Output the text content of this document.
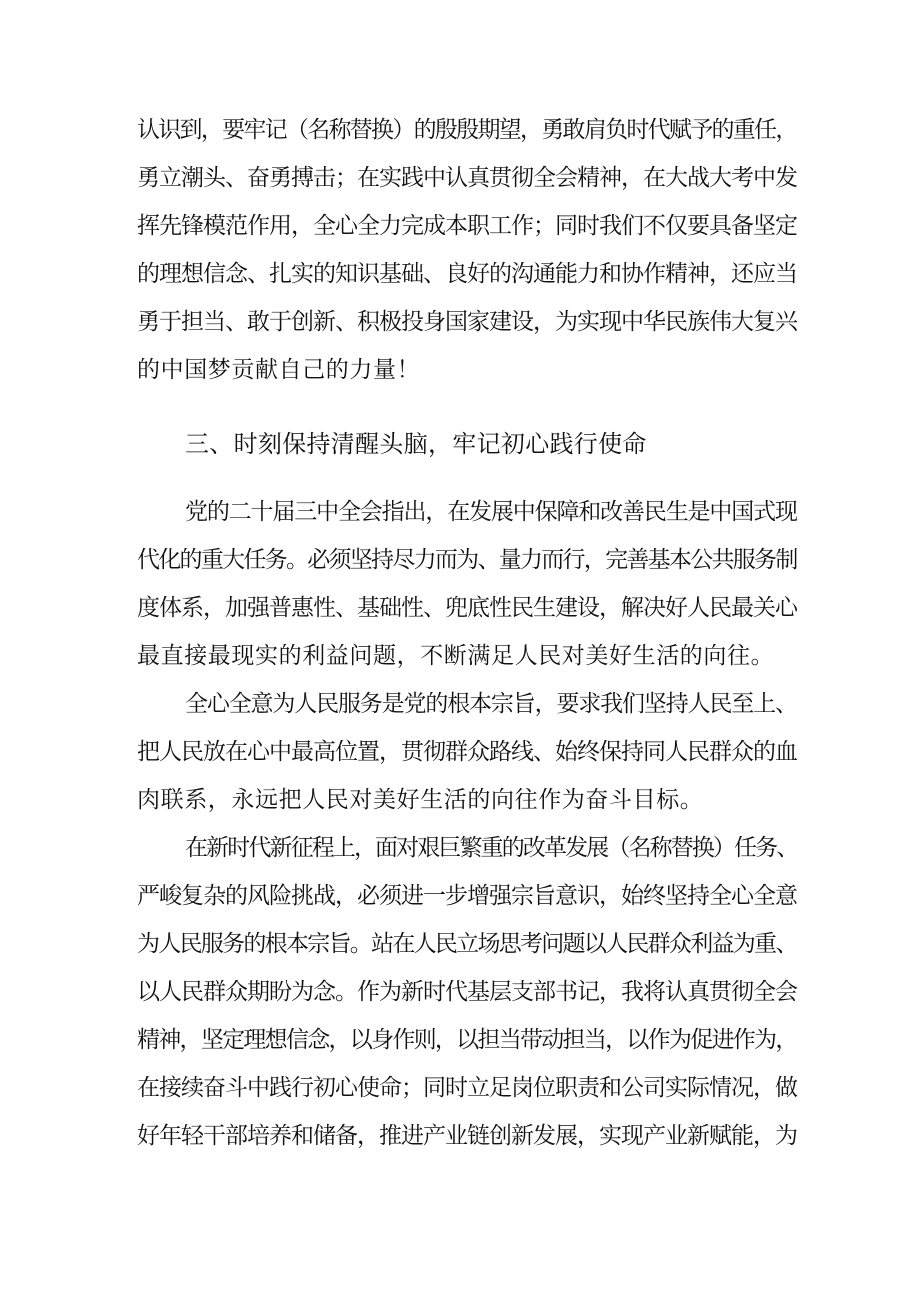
认识到，要牢记（名称替换）的殷殷期望，勇敢肩负时代赋予的重任，
勇立潮头、奋勇搏击；在实践中认真贯彻全会精神，在大战大考中发
挥先锋模范作用，全心全力完成本职工作；同时我们不仅要具备坚定
的理想信念、扎实的知识基础、良好的沟通能力和协作精神，还应当
勇于担当、敢于创新、积极投身国家建设，为实现中华民族伟大复兴
的中国梦贡献自己的力量！
三、时刻保持清醒头脑，牢记初心践行使命
党的二十届三中全会指出，在发展中保障和改善民生是中国式现
代化的重大任务。必须坚持尽力而为、量力而行，完善基本公共服务制
度体系，加强普惠性、基础性、兜底性民生建设，解决好人民最关心
最直接最现实的利益问题，不断满足人民对美好生活的向往。
全心全意为人民服务是党的根本宗旨，要求我们坚持人民至上、
把人民放在心中最高位置，贯彻群众路线、始终保持同人民群众的血
肉联系，永远把人民对美好生活的向往作为奋斗目标。
在新时代新征程上，面对艰巨繁重的改革发展（名称替换）任务、
严峻复杂的风险挑战，必须进一步增强宗旨意识，始终坚持全心全意
为人民服务的根本宗旨。站在人民立场思考问题以人民群众利益为重、
以人民群众期盼为念。作为新时代基层支部书记，我将认真贯彻全会
精神，坚定理想信念，以身作则，以担当带动担当，以作为促进作为，
在接续奋斗中践行初心使命；同时立足岗位职责和公司实际情况，做
好年轻干部培养和储备，推进产业链创新发展，实现产业新赋能，为
